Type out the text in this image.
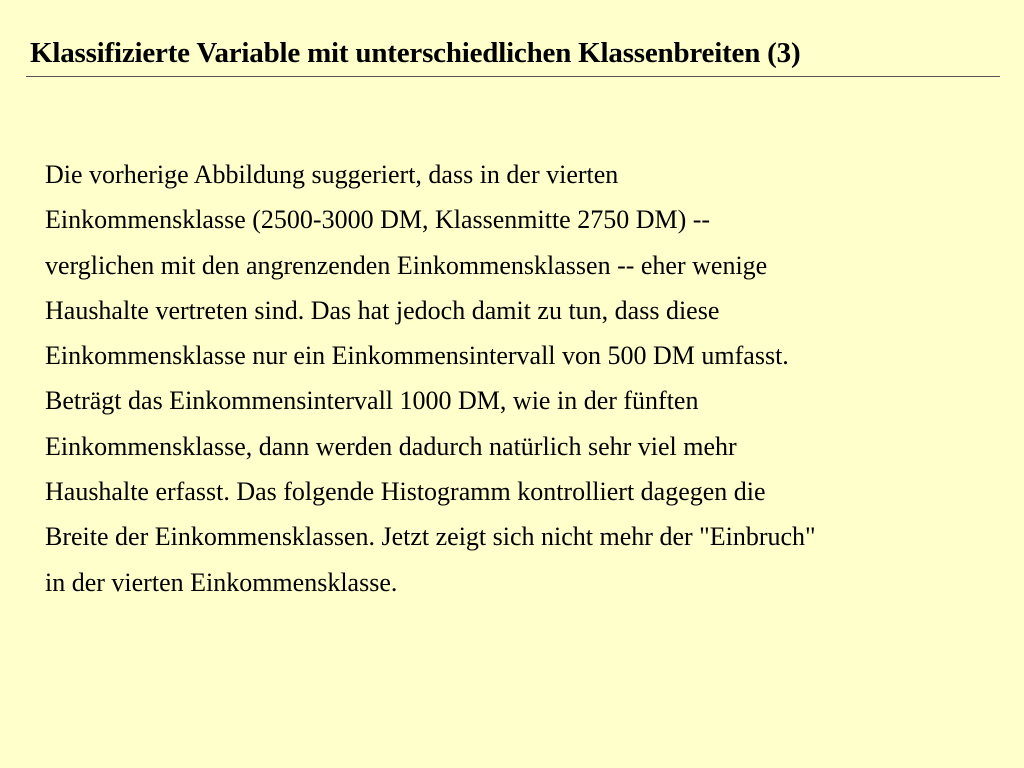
Klassifizierte Variable mit unterschiedlichen Klassenbreiten (3)
Die vorherige Abbildung suggeriert, dass in der vierten
Einkommensklasse (2500-3000 DM, Klassenmitte 2750 DM) --
verglichen mit den angrenzenden Einkommensklassen -- eher wenige
Haushalte vertreten sind. Das hat jedoch damit zu tun, dass diese
Einkommensklasse nur ein Einkommensintervall von 500 DM umfasst.
Beträgt das Einkommensintervall 1000 DM, wie in der fünften
Einkommensklasse, dann werden dadurch natürlich sehr viel mehr
Haushalte erfasst. Das folgende Histogramm kontrolliert dagegen die
Breite der Einkommensklassen. Jetzt zeigt sich nicht mehr der "Einbruch"
in der vierten Einkommensklasse.
